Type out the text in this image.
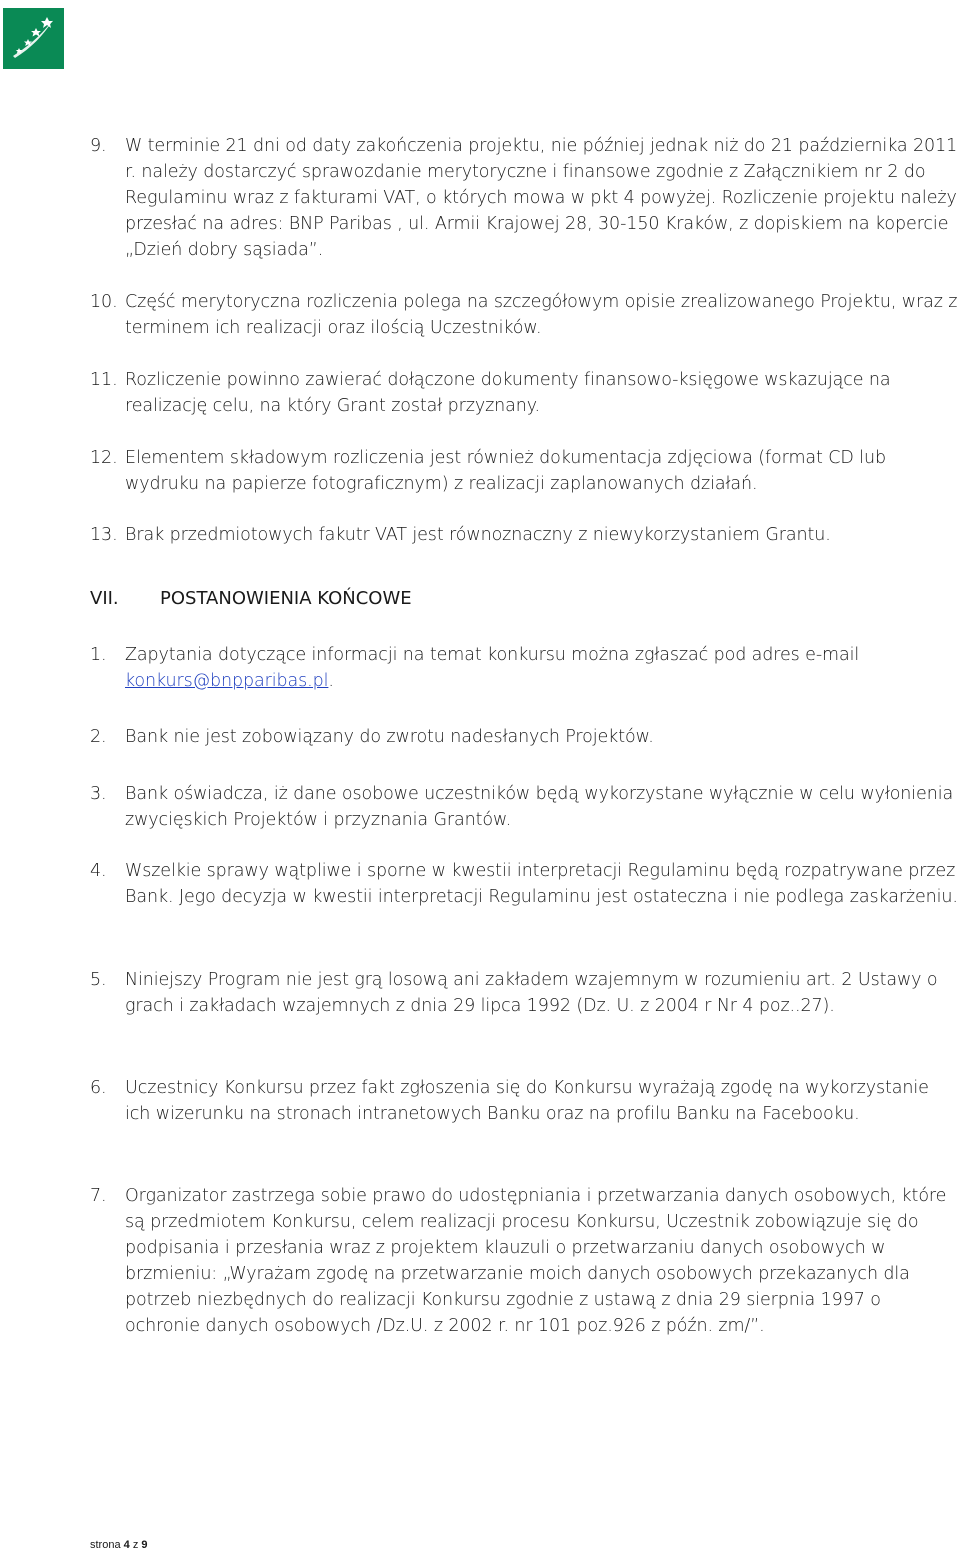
9. W terminie 21 dni od daty zakończenia projektu, nie później jednak niż do 21 października 2011 r. należy dostarczyć sprawozdanie merytoryczne i finansowe zgodnie z Załącznikiem nr 2 do Regulaminu wraz z fakturami VAT, o których mowa w pkt 4 powyżej. Rozliczenie projektu należy przesłać na adres: BNP Paribas , ul. Armii Krajowej 28, 30-150 Kraków, z dopiskiem na kopercie „Dzień dobry sąsiada”.
10. Część merytoryczna rozliczenia polega na szczegółowym opisie zrealizowanego Projektu, wraz z terminem ich realizacji oraz ilością Uczestników.
11. Rozliczenie powinno zawierać dołączone dokumenty finansowo-księgowe wskazujące na realizację celu, na który Grant został przyznany.
12. Elementem składowym rozliczenia jest również dokumentacja zdjęciowa (format CD lub wydruku na papierze fotograficznym) z realizacji zaplanowanych działań.
13. Brak przedmiotowych fakutr VAT jest równoznaczny z niewykorzystaniem Grantu.
VII. POSTANOWIENIA KOŃCOWE
1. Zapytania dotyczące informacji na temat konkursu można zgłaszać pod adres e-mail
konkurs@bnpparibas.pl.
2. Bank nie jest zobowiązany do zwrotu nadesłanych Projektów.
3. Bank oświadcza, iż dane osobowe uczestników będą wykorzystane wyłącznie w celu wyłonienia zwycięskich Projektów i przyznania Grantów.
4. Wszelkie sprawy wątpliwe i sporne w kwestii interpretacji Regulaminu będą rozpatrywane przez Bank. Jego decyzja w kwestii interpretacji Regulaminu jest ostateczna i nie podlega zaskarżeniu.
5. Niniejszy Program nie jest grą losową ani zakładem wzajemnym w rozumieniu art. 2 Ustawy o grach i zakładach wzajemnych z dnia 29 lipca 1992 (Dz. U. z 2004 r Nr 4 poz..27).
6. Uczestnicy Konkursu przez fakt zgłoszenia się do Konkursu wyrażają zgodę na wykorzystanie ich wizerunku na stronach intranetowych Banku oraz na profilu Banku na Facebooku.
7. Organizator zastrzega sobie prawo do udostępniania i przetwarzania danych osobowych, które są przedmiotem Konkursu, celem realizacji procesu Konkursu, Uczestnik zobowiązuje się do podpisania i przesłania wraz z projektem klauzuli o przetwarzaniu danych osobowych w brzmieniu: „Wyrażam zgodę na przetwarzanie moich danych osobowych przekazanych dla potrzeb niezbędnych do realizacji Konkursu zgodnie z ustawą z dnia 29 sierpnia 1997 o ochronie danych osobowych /Dz.U. z 2002 r. nr 101 poz.926 z późn. zm/”.
strona 4 z 9
